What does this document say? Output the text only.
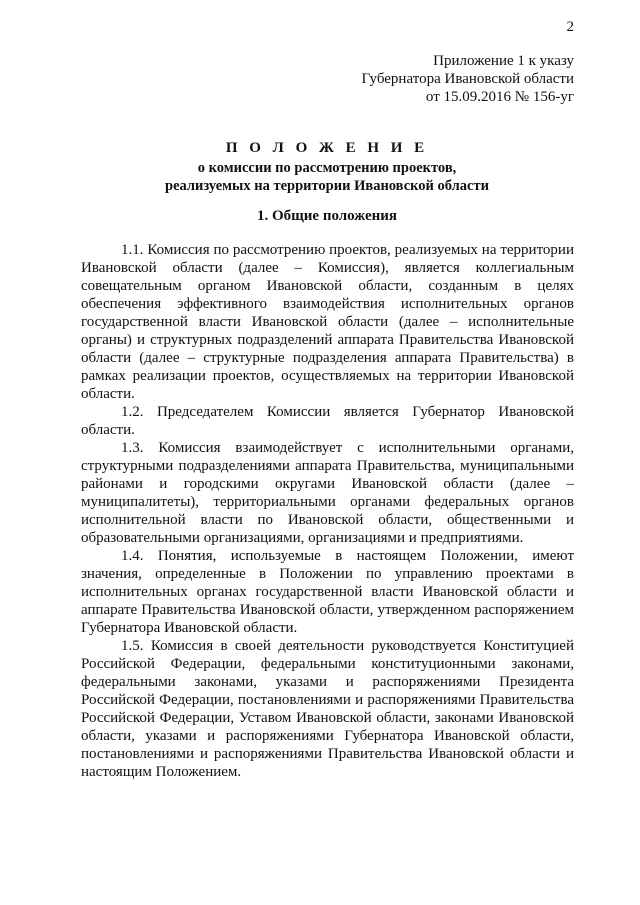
2
Приложение 1 к указу
Губернатора Ивановской области
от 15.09.2016 № 156-уг
П О Л О Ж Е Н И Е
о комиссии по рассмотрению проектов,
реализуемых на территории Ивановской области
1. Общие положения

1.1. Комиссия по рассмотрению проектов, реализуемых на территории Ивановской области (далее – Комиссия), является коллегиальным совещательным органом Ивановской области, созданным в целях обеспечения эффективного взаимодействия исполнительных органов государственной власти Ивановской области (далее – исполнительные органы) и структурных подразделений аппарата Правительства Ивановской области (далее – структурные подразделения аппарата Правительства) в рамках реализации проектов, осуществляемых на территории Ивановской области.

1.2. Председателем Комиссии является Губернатор Ивановской области.

1.3. Комиссия взаимодействует с исполнительными органами, структурными подразделениями аппарата Правительства, муниципальными районами и городскими округами Ивановской области (далее – муниципалитеты), территориальными органами федеральных органов исполнительной власти по Ивановской области, общественными и образовательными организациями, организациями и предприятиями.

1.4. Понятия, используемые в настоящем Положении, имеют значения, определенные в Положении по управлению проектами в исполнительных органах государственной власти Ивановской области и аппарате Правительства Ивановской области, утвержденном распоряжением Губернатора Ивановской области.

1.5. Комиссия в своей деятельности руководствуется Конституцией Российской Федерации, федеральными конституционными законами, федеральными законами, указами и распоряжениями Президента Российской Федерации, постановлениями и распоряжениями Правительства Российской Федерации, Уставом Ивановской области, законами Ивановской области, указами и распоряжениями Губернатора Ивановской области, постановлениями и распоряжениями Правительства Ивановской области и настоящим Положением.
